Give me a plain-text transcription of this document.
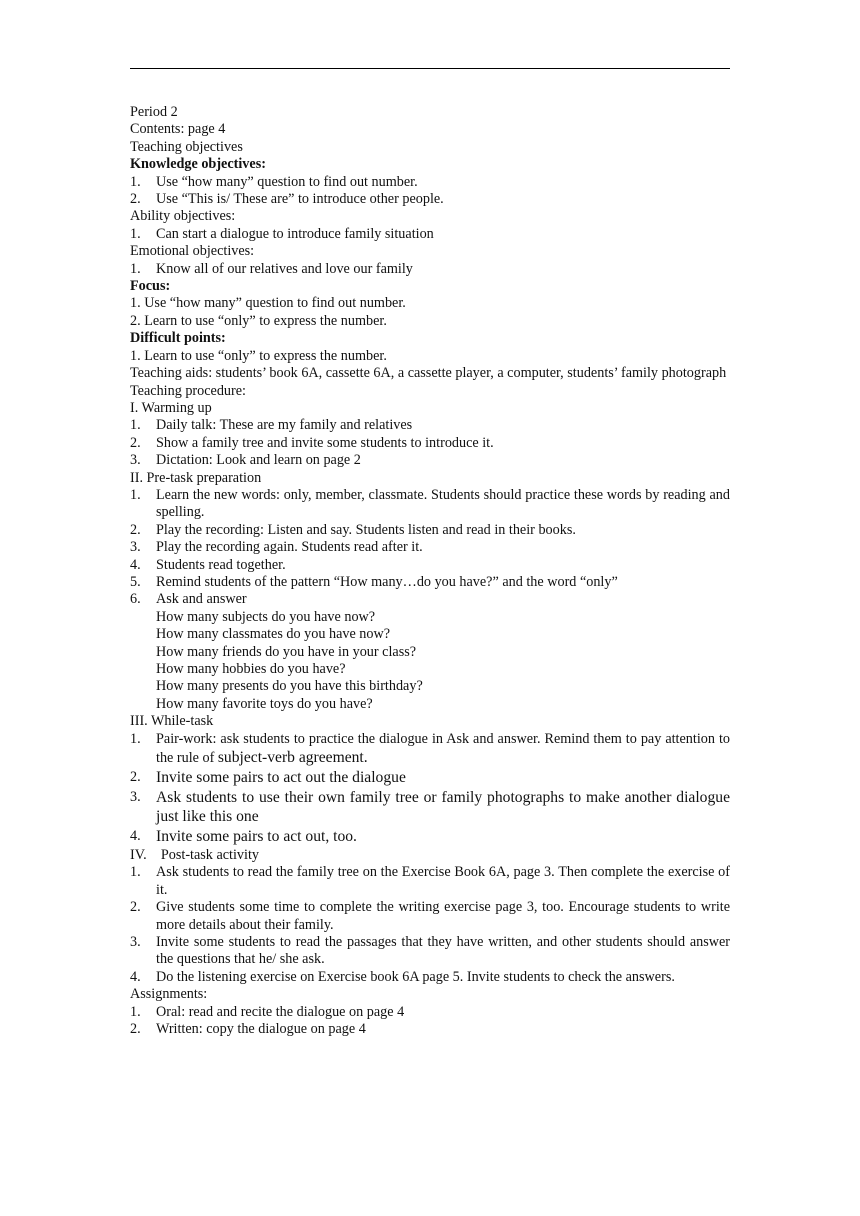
Period 2
Contents: page 4
Teaching objectives
Knowledge objectives:
1.	Use “how many” question to find out number.
2.	Use “This is/ These are” to introduce other people.
Ability objectives:
1.	Can start a dialogue to introduce family situation
Emotional objectives:
1.	Know all of our relatives and love our family
Focus:
1. Use “how many” question to find out number.
2. Learn to use “only” to express the number.
Difficult points:
1. Learn to use “only” to express the number.
Teaching aids: students’ book 6A, cassette 6A, a cassette player, a computer, students’ family photograph
Teaching procedure:
I. Warming up
1.	Daily talk: These are my family and relatives
2.	Show a family tree and invite some students to introduce it.
3.	Dictation: Look and learn on page 2
II. Pre-task preparation
1.	Learn the new words: only, member, classmate. Students should practice these words by reading and spelling.
2.	Play the recording: Listen and say. Students listen and read in their books.
3.	Play the recording again. Students read after it.
4.	Students read together.
5.	Remind students of the pattern “How many…do you have?” and the word “only”
6.	Ask and answer
How many subjects do you have now?
How many classmates do you have now?
How many friends do you have in your class?
How many hobbies do you have?
How many presents do you have this birthday?
How many favorite toys do you have?
III. While-task
1.	Pair-work: ask students to practice the dialogue in Ask and answer. Remind them to pay attention to the rule of subject-verb agreement.
2. Invite some pairs to act out the dialogue
3. Ask students to use their own family tree or family photographs to make another dialogue just like this one
4. Invite some pairs to act out, too.
IV.    Post-task activity
1.	Ask students to read the family tree on the Exercise Book 6A, page 3. Then complete the exercise of it.
2.	Give students some time to complete the writing exercise page 3, too. Encourage students to write more details about their family.
3.	Invite some students to read the passages that they have written, and other students should answer the questions that he/ she ask.
4.	Do the listening exercise on Exercise book 6A page 5. Invite students to check the answers.
Assignments:
1.	Oral: read and recite the dialogue on page 4
2.	Written: copy the dialogue on page 4
